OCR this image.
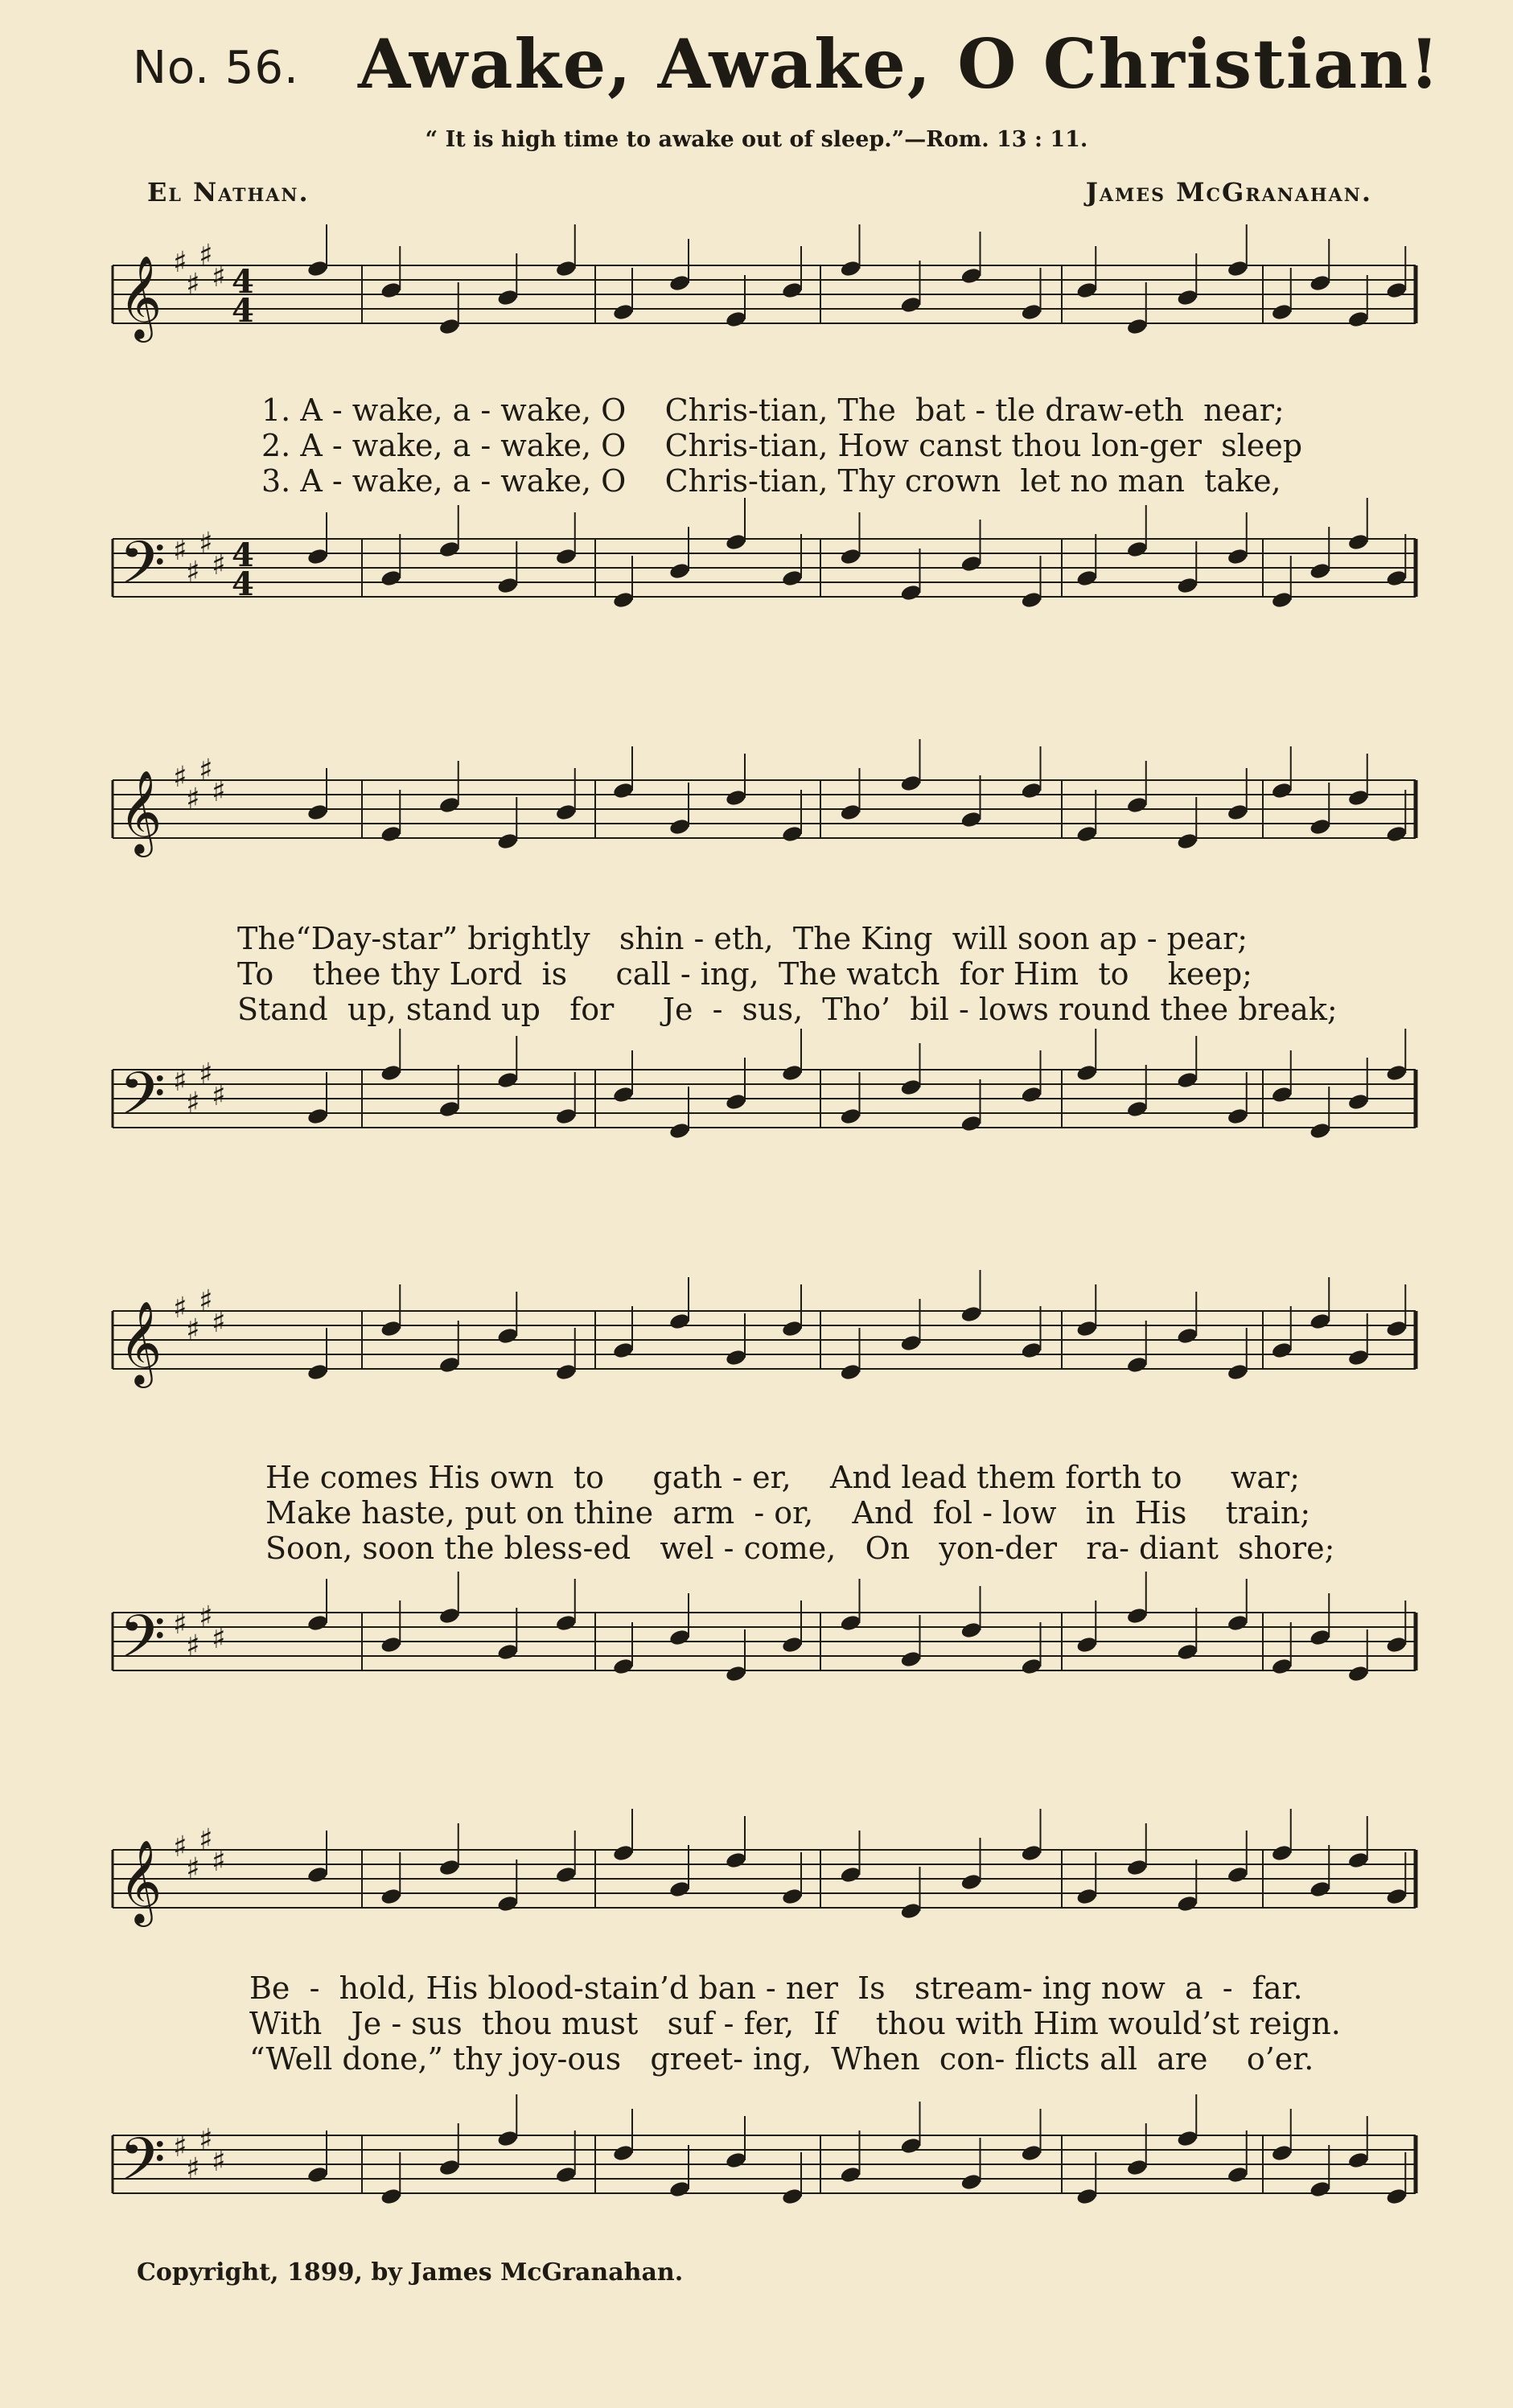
No. 56. Awake, Awake, O Christian!
“ It is high time to awake out of sleep.”—Rom. 13 : 11.
El Nathan.	James McGranahan.
𝄞 ♯
♯
♯
♯ 4
4
1. A - wake, a - wake, O    Chris-tian, The  bat - tle draw-eth  near;
2. A - wake, a - wake, O    Chris-tian, How canst thou lon-ger  sleep
3. A - wake, a - wake, O    Chris-tian, Thy crown  let no man  take,
𝄢 ♯
♯
♯
♯ 4
4
𝄞 ♯
♯
♯
♯
The“Day-star” brightly   shin - eth,  The King  will soon ap - pear;
To    thee thy Lord  is     call - ing,  The watch  for Him  to    keep;
Stand  up, stand up   for     Je  -  sus,  Tho’  bil - lows round thee break;
𝄢 ♯
♯
♯
♯
𝄞 ♯
♯
♯
♯
He comes His own  to     gath - er,    And lead them forth to     war;
Make haste, put on thine  arm  - or,    And  fol - low   in  His    train;
Soon, soon the bless-ed   wel - come,   On   yon-der   ra- diant  shore;
𝄢 ♯
♯
♯
♯
𝄞 ♯
♯
♯
♯
Be  -  hold, His blood-stain’d ban - ner  Is   stream- ing now  a  -  far.
With   Je - sus  thou must   suf - fer,  If    thou with Him would’st reign.
“Well done,” thy joy-ous   greet- ing,  When  con- flicts all  are    o’er.
𝄢 ♯
♯
♯
♯
Copyright, 1899, by James McGranahan.
